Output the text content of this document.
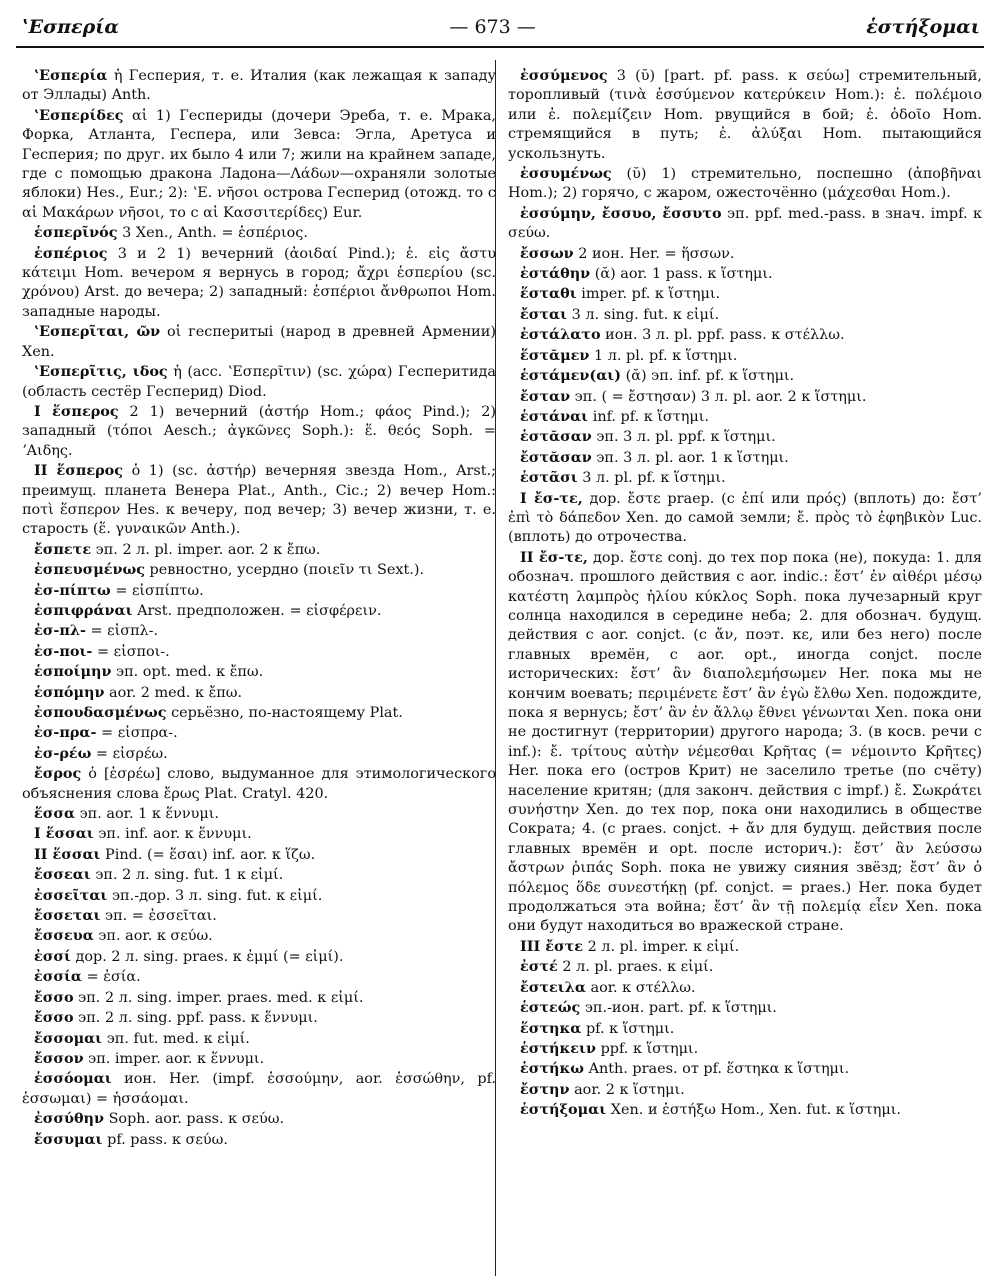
ʽΕσπερία	— 673 —	ἑστήξομαι

ʽΕσπερία ἡ Гесперия, т. е. Италия (как лежащая к западу от Эллады) Anth.

ʽΕσπερίδες αἱ 1) Геспериды (дочери Эреба, т. е. Мрака, Форка, Атланта, Геспера, или Зевса: Эгла, Аретуса и Гесперия; по друг. их было 4 или 7; жили на крайнем западе, где с помощью дракона Ладона—Λάδων—охраняли золотые яблоки) Hes., Eur.; 2): ʽΕ. νῆσοι острова Гесперид (отожд. то с αἱ Μακάρων νῆσοι, то с αἱ Κασσιτερίδες) Eur.

ἑσπερῖνός 3 Xen., Anth. = ἑσπέριος.

ἑσπέριος 3 и 2 1) вечерний (ἀοιδαί Pind.); ἑ. εἰς ἄστυ κάτειμι Hom. вечером я вернусь в город; ἄχρι ἑσπερίου (sc. χρόνου) Arst. до вечера; 2) западный: ἑσπέριοι ἄνθρωποι Hom. западные народы.

ʽΕσπερῖται, ῶν οἱ гесперитыі (народ в древней Армении) Xen.

ʽΕσπερῖτις, ιδος ἡ (acc. ʽΕσπερῖτιν) (sc. χώρα) Гесперитида (область сестёр Гесперид) Diod.

I ἕσπερος 2 1) вечерний (ἀστήρ Hom.; φάος Pind.); 2) западный (τόποι Aesch.; ἀγκῶνες Soph.): ἕ. θεός Soph. = ʼΑιδης.

II ἕσπερος ὁ 1) (sc. ἀστήρ) вечерняя звезда Hom., Arst.; преимущ. планета Венера Plat., Anth., Cic.; 2) вечер Hom.: ποτὶ ἕσπερον Hes. к вечеру, под вечер; 3) вечер жизни, т. е. старость (ἕ. γυναικῶν Anth.).

ἔσπετε эп. 2 л. pl. imper. aor. 2 к ἔπω.

ἐσπευσμένως ревностно, усердно (ποιεῖν τι Sext.).

ἐσ-πίπτω = εἰσπίπτω.

ἐσπιφράναι Arst. предположен. = εἰσφέρειν.

ἐσ-πλ- = εἰσπλ-.

ἐσ-ποι- = εἰσποι-.

ἑσποίμην эп. opt. med. к ἔπω.

ἑσπόμην aor. 2 med. к ἔπω.

ἐσπουδασμένως серьёзно, по-настоящему Plat.

ἐσ-πρα- = εἰσπρα-.

ἐσ-ρέω = εἰσρέω.

ἔσρος ὁ [ἐσρέω] слово, выдуманное для этимологического объяснения слова ἔρως Plat. Cratyl. 420.

ἕσσα эп. aor. 1 к ἕννυμι.

I ἕσσαι эп. inf. aor. к ἕννυμι.

II ἕσσαι Pind. (= ἕσαι) inf. aor. к ἵζω.

ἔσσεαι эп. 2 л. sing. fut. 1 к εἰμί.

ἐσσεῖται эп.-дор. 3 л. sing. fut. к εἰμί.

ἔσσεται эп. = ἐσσεῖται.

ἔσσευα эп. aor. к σεύω.

ἐσσί дор. 2 л. sing. praes. к ἐμμί (= εἰμί).

ἐσσία = ἐσία.

ἔσσο эп. 2 л. sing. imper. praes. med. к εἰμί.

ἔσσο эп. 2 л. sing. ppf. pass. к ἕννυμι.

ἔσσομαι эп. fut. med. к εἰμί.

ἔσσον эп. imper. aor. к ἕννυμι.

ἑσσόομαι ион. Her. (impf. ἑσσούμην, aor. ἑσσώθην, pf. ἑσσωμαι) = ἡσσάομαι.

ἐσσύθην Soph. aor. pass. к σεύω.

ἔσσυμαι pf. pass. к σεύω.

ἐσσύμενος 3 (ῠ) [part. pf. pass. к σεύω] стремительный, торопливый (τινὰ ἐσσύμενον κατερύκειν Hom.): ἐ. πολέμοιο или ἐ. πολεμίζειν Hom. рвущийся в бой; ἐ. ὁδοῖο Hom. стремящийся в путь; ἐ. ἀλύξαι Hom. пытающийся ускользнуть.

ἐσσυμένως (ῠ) 1) стремительно, поспешно (ἀποβῆναι Hom.); 2) горячо, с жаром, ожесточённо (μάχεσθαι Hom.).

ἐσσύμην, ἔσσυο, ἔσσυτο эп. ppf. med.-pass. в знач. impf. к σεύω.

ἔσσων 2 ион. Her. = ἥσσων.

ἐστάθην (ᾰ) aor. 1 pass. к ἵστημι.

ἕσταθι imper. pf. к ἵστημι.

ἔσται 3 л. sing. fut. к εἰμί.

ἐστάλατο ион. 3 л. pl. ppf. pass. к στέλλω.

ἕστᾰμεν 1 л. pl. pf. к ἵστημι.

ἑστάμεν(αι) (ᾰ) эп. inf. pf. к ἵστημι.

ἔσταν эп. ( = ἔστησαν) 3 л. pl. aor. 2 к ἵστημι.

ἑστάναι inf. pf. к ἵστημι.

ἑστᾰσαν эп. 3 л. pl. ppf. к ἵστημι.

ἔστᾰσαν эп. 3 л. pl. aor. 1 к ἵστημι.

ἑστᾶσι 3 л. pl. pf. к ἵστημι.

I ἔσ-τε, дор. ἔστε praep. (с ἐπί или πρός) (вплоть) до: ἔστ’ ἐπὶ τὸ δάπεδον Xen. до самой земли; ἔ. πρὸς τὸ ἐφηβικὸν Luc. (вплоть) до отрочества.

II ἔσ-τε, дор. ἔστε conj. до тех пор пока (не), покуда: 1. для обознач. прошлого действия с aor. indic.: ἔστ’ ἐν αἰθέρι μέσῳ κατέστη λαμπρὸς ἡλίου κύκλος Soph. пока лучезарный круг солнца находился в середине неба; 2. для обознач. будущ. действия с aor. conjct. (с ἄν, поэт. κε, или без него) после главных времён, с aor. opt., иногда conjct. после исторических: ἔστ’ ἂν διαπολεμήσωμεν Her. пока мы не кончим воевать; περιμένετε ἔστ’ ἂν ἐγὼ ἔλθω Xen. подождите, пока я вернусь; ἔστ’ ἂν ἐν ἄλλῳ ἔθνει γένωνται Xen. пока они не достигнут (территории) другого народа; 3. (в косв. речи с inf.): ἔ. τρίτους αὐτὴν νέμεσθαι Κρῆτας (= νέμοιντο Κρῆτες) Her. пока его (остров Крит) не заселило третье (по счёту) население критян; (для законч. действия с impf.) ἔ. Σωκράτει συνήστην Xen. до тех пор, пока они находились в обществе Сократа; 4. (с praes. conjct. + ἄν для будущ. действия после главных времён и opt. после историч.): ἔστ’ ἂν λεύσσω ἄστρων ῥιπάς Soph. пока не увижу сияния звёзд; ἔστ’ ἂν ὁ πόλεμος ὅδε συνεστήκῃ (pf. conjct. = praes.) Her. пока будет продолжаться эта война; ἔστ’ ἂν τῇ πολεμίᾳ εἶεν Xen. пока они будут находиться во вражеской стране.

III ἔστε 2 л. pl. imper. к εἰμί.

ἐστέ 2 л. pl. praes. к εἰμί.

ἔστειλα aor. к στέλλω.

ἑστεώς эп.-ион. part. pf. к ἵστημι.

ἕστηκα pf. к ἵστημι.

ἑστήκειν ppf. к ἵστημι.

ἑστήκω Anth. praes. от pf. ἕστηκα к ἵστημι.

ἔστην aor. 2 к ἵστημι.

ἑστήξομαι Xen. и ἑστήξω Hom., Xen. fut. к ἵστημι.
